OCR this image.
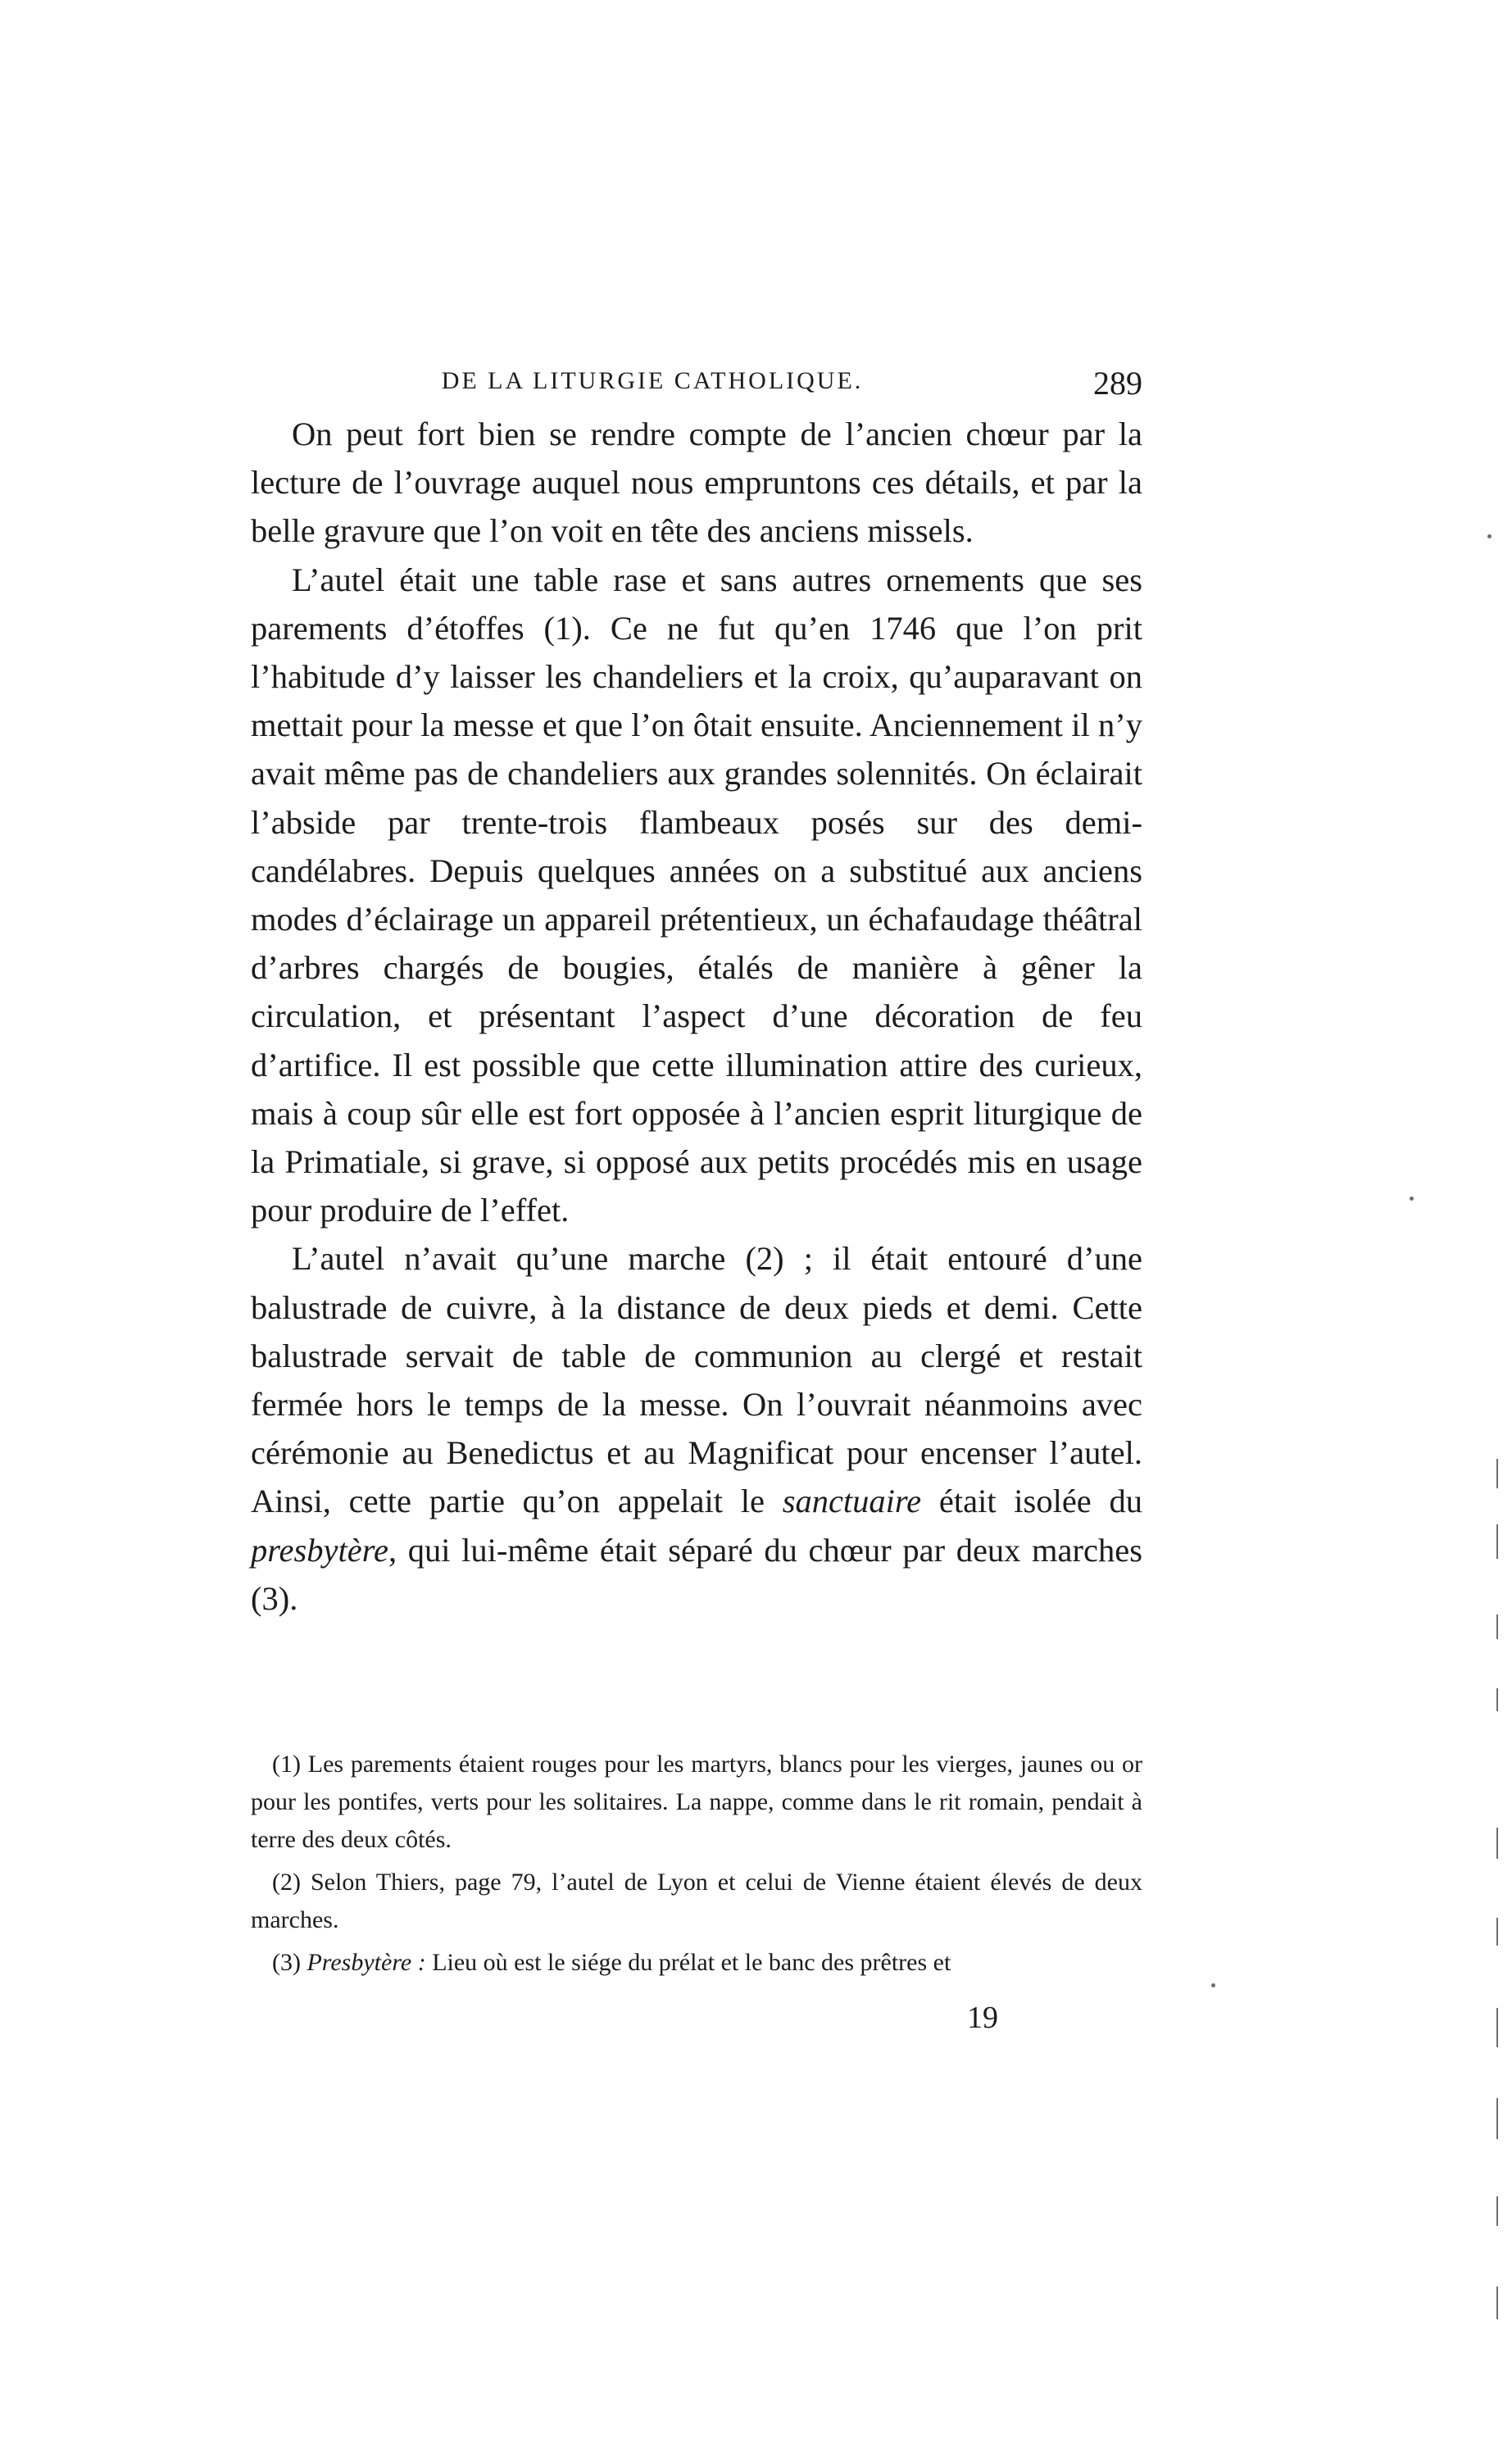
DE LA LITURGIE CATHOLIQUE.	289

On peut fort bien se rendre compte de l’ancien chœur par la lecture de l’ouvrage auquel nous empruntons ces détails, et par la belle gravure que l’on voit en tête des anciens missels.

L’autel était une table rase et sans autres ornements que ses parements d’étoffes (1). Ce ne fut qu’en 1746 que l’on prit l’habitude d’y laisser les chandeliers et la croix, qu’auparavant on mettait pour la messe et que l’on ôtait ensuite. Anciennement il n’y avait même pas de chandeliers aux grandes solennités. On éclairait l’abside par trente-trois flambeaux posés sur des demi-candélabres. Depuis quelques années on a substitué aux anciens modes d’éclairage un appareil prétentieux, un échafaudage théâtral d’arbres chargés de bougies, étalés de manière à gêner la circulation, et présentant l’aspect d’une décoration de feu d’artifice. Il est possible que cette illumination attire des curieux, mais à coup sûr elle est fort opposée à l’ancien esprit liturgique de la Primatiale, si grave, si opposé aux petits procédés mis en usage pour produire de l’effet.

L’autel n’avait qu’une marche (2) ; il était entouré d’une balustrade de cuivre, à la distance de deux pieds et demi. Cette balustrade servait de table de communion au clergé et restait fermée hors le temps de la messe. On l’ouvrait néanmoins avec cérémonie au Benedictus et au Magnificat pour encenser l’autel. Ainsi, cette partie qu’on appelait le sanctuaire était isolée du presbytère, qui lui-même était séparé du chœur par deux marches (3).

(1) Les parements étaient rouges pour les martyrs, blancs pour les vierges, jaunes ou or pour les pontifes, verts pour les solitaires. La nappe, comme dans le rit romain, pendait à terre des deux côtés.

(2) Selon Thiers, page 79, l’autel de Lyon et celui de Vienne étaient élevés de deux marches.

(3) Presbytère : Lieu où est le siége du prélat et le banc des prêtres et

19
